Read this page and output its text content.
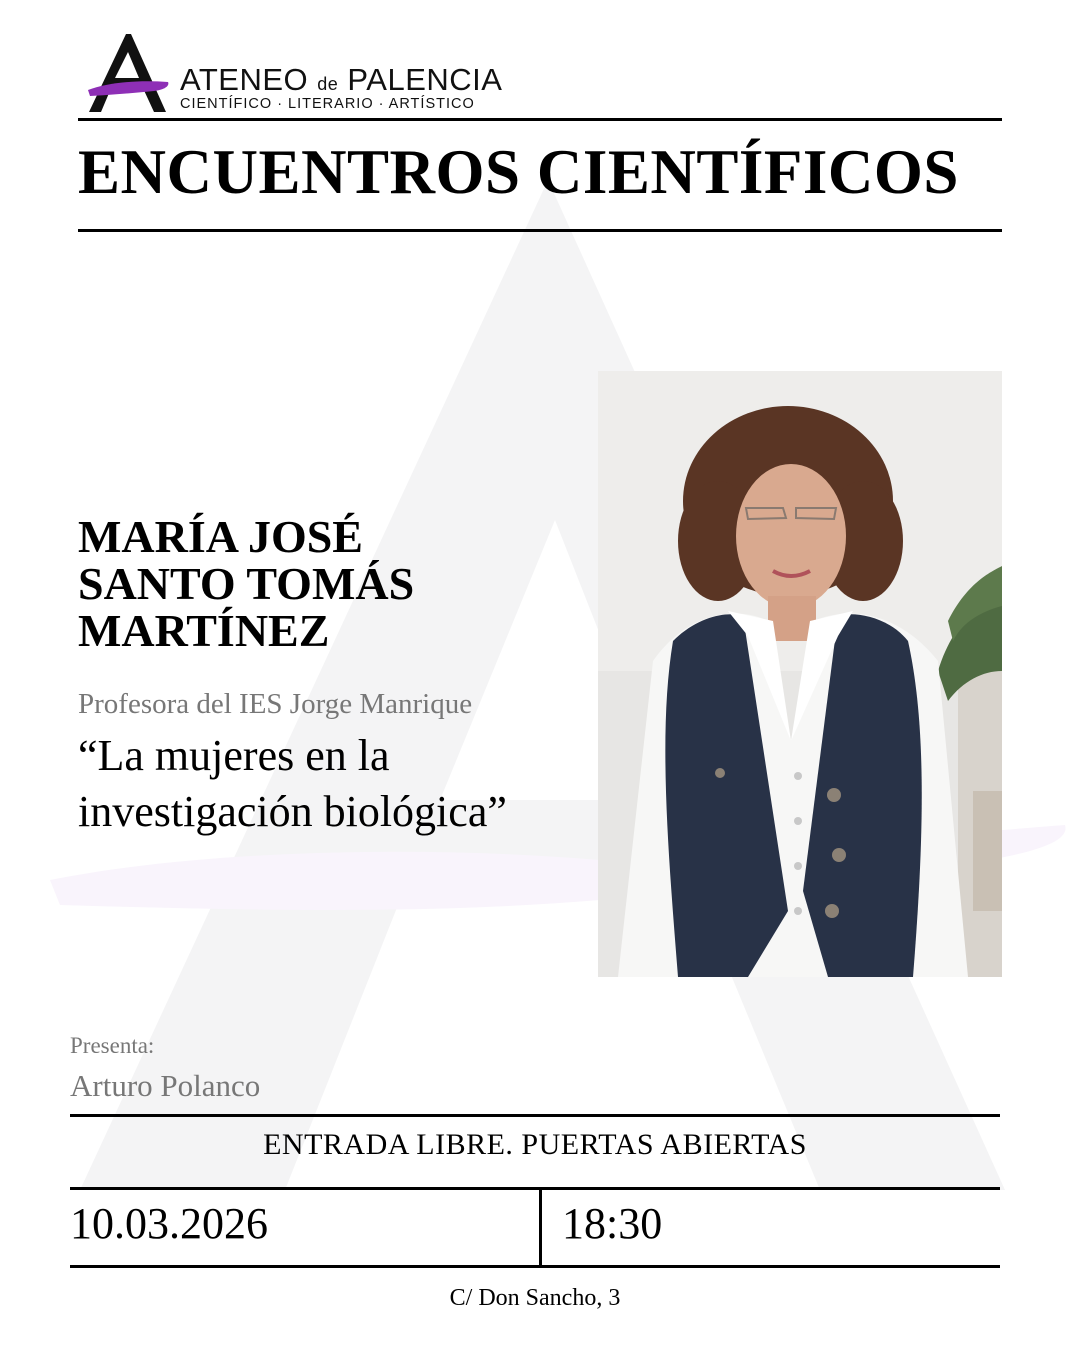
ATENEO de PALENCIA
CIENTÍFICO · LITERARIO · ARTÍSTICO
ENCUENTROS CIENTÍFICOS
MARÍA JOSÉ SANTO TOMÁS MARTÍNEZ
Profesora del IES Jorge Manrique
“La mujeres en la investigación biológica”
Presenta:
Arturo Polanco
ENTRADA LIBRE. PUERTAS ABIERTAS
10.03.2026	18:30
C/ Don Sancho, 3
